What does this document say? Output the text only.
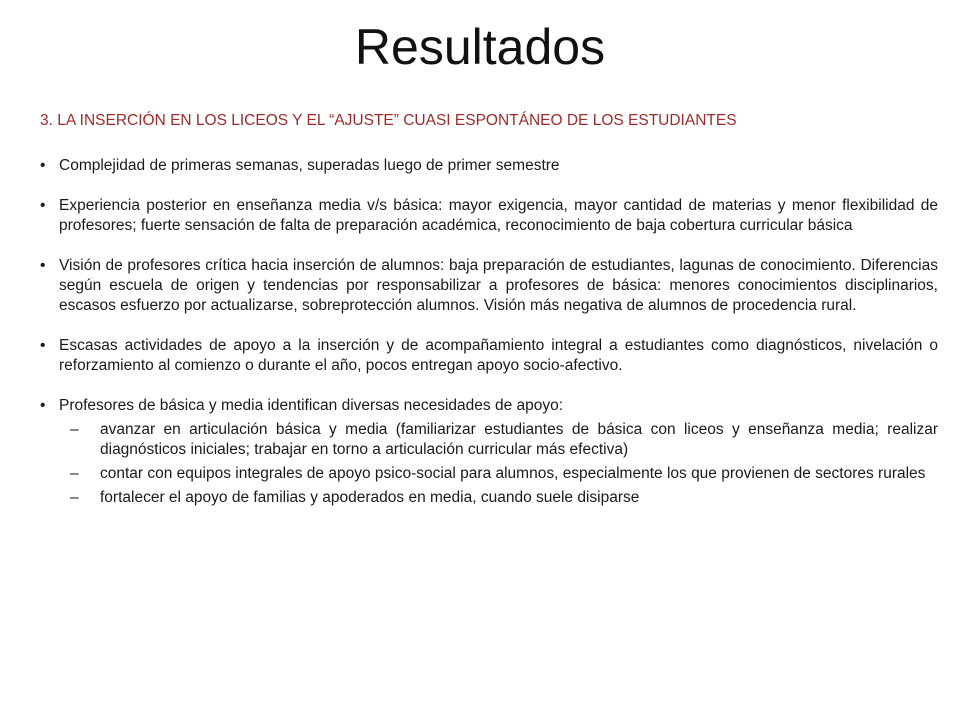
Resultados
3. LA INSERCIÓN EN LOS LICEOS Y EL “AJUSTE” CUASI ESPONTÁNEO DE LOS ESTUDIANTES
• Complejidad de primeras semanas, superadas luego de primer semestre
• Experiencia posterior en enseñanza media v/s básica: mayor exigencia, mayor cantidad de materias y menor flexibilidad de profesores; fuerte sensación de falta de preparación académica, reconocimiento de baja cobertura curricular básica
• Visión de profesores crítica hacia inserción de alumnos: baja preparación de estudiantes, lagunas de conocimiento. Diferencias según escuela de origen y tendencias por responsabilizar a profesores de básica: menores conocimientos disciplinarios, escasos esfuerzo por actualizarse, sobreprotección alumnos. Visión más negativa de alumnos de procedencia rural.
• Escasas actividades de apoyo a la inserción y de acompañamiento integral a estudiantes como diagnósticos, nivelación o reforzamiento al comienzo o durante el año, pocos entregan apoyo socio-afectivo.
• Profesores de básica y media identifican diversas necesidades de apoyo:
– avanzar en articulación básica y media (familiarizar estudiantes de básica con liceos y enseñanza media; realizar diagnósticos iniciales; trabajar en torno a articulación curricular más efectiva)
– contar con equipos integrales de apoyo psico-social para alumnos, especialmente los que provienen de sectores rurales
– fortalecer el apoyo de familias y apoderados en media, cuando suele disiparse
